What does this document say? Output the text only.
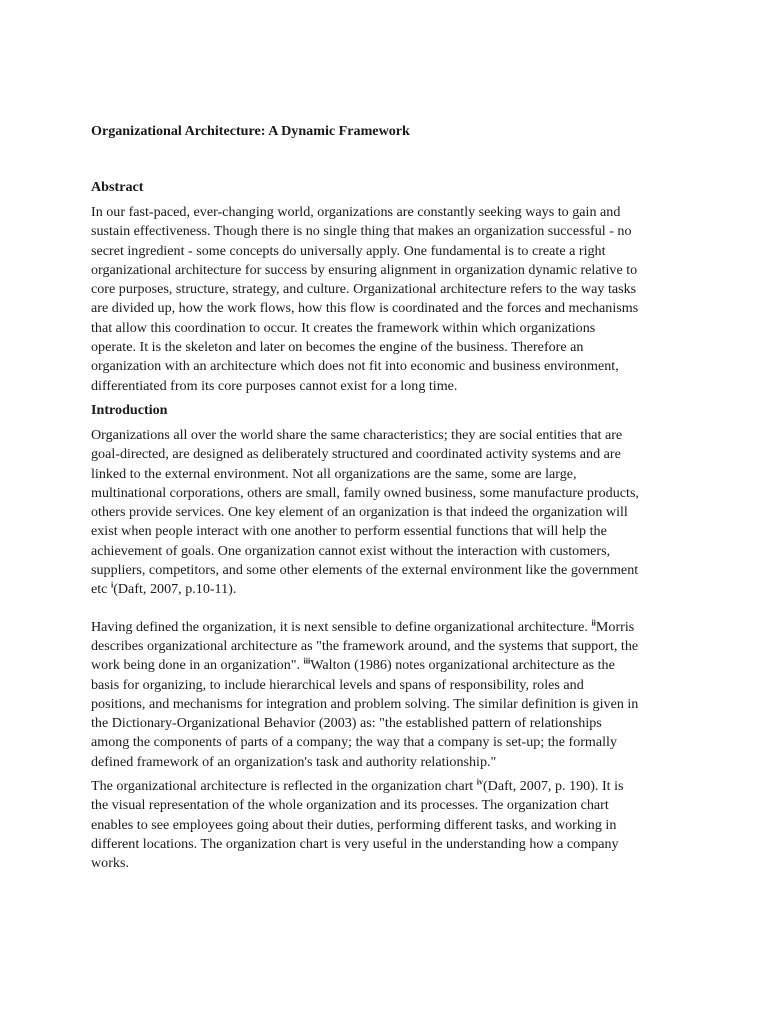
Organizational Architecture: A Dynamic Framework
Abstract
In our fast-paced, ever-changing world, organizations are constantly seeking ways to gain and
sustain effectiveness. Though there is no single thing that makes an organization successful - no
secret ingredient - some concepts do universally apply. One fundamental is to create a right
organizational architecture for success by ensuring alignment in organization dynamic relative to
core purposes, structure, strategy, and culture. Organizational architecture refers to the way tasks
are divided up, how the work flows, how this flow is coordinated and the forces and mechanisms
that allow this coordination to occur. It creates the framework within which organizations
operate. It is the skeleton and later on becomes the engine of the business. Therefore an
organization with an architecture which does not fit into economic and business environment,
differentiated from its core purposes cannot exist for a long time.
Introduction
Organizations all over the world share the same characteristics; they are social entities that are
goal-directed, are designed as deliberately structured and coordinated activity systems and are
linked to the external environment. Not all organizations are the same, some are large,
multinational corporations, others are small, family owned business, some manufacture products,
others provide services. One key element of an organization is that indeed the organization will
exist when people interact with one another to perform essential functions that will help the
achievement of goals. One organization cannot exist without the interaction with customers,
suppliers, competitors, and some other elements of the external environment like the government
etc $^i$(Daft, 2007, p.10-11).
Having defined the organization, it is next sensible to define organizational architecture. $^{ii}$Morris
describes organizational architecture as "the framework around, and the systems that support, the
work being done in an organization". $^{iii}$Walton (1986) notes organizational architecture as the
basis for organizing, to include hierarchical levels and spans of responsibility, roles and
positions, and mechanisms for integration and problem solving. The similar definition is given in
the Dictionary-Organizational Behavior (2003) as: "the established pattern of relationships
among the components of parts of a company; the way that a company is set-up; the formally
defined framework of an organization's task and authority relationship."
The organizational architecture is reflected in the organization chart $^{iv}$(Daft, 2007, p. 190). It is
the visual representation of the whole organization and its processes. The organization chart
enables to see employees going about their duties, performing different tasks, and working in
different locations. The organization chart is very useful in the understanding how a company
works.
